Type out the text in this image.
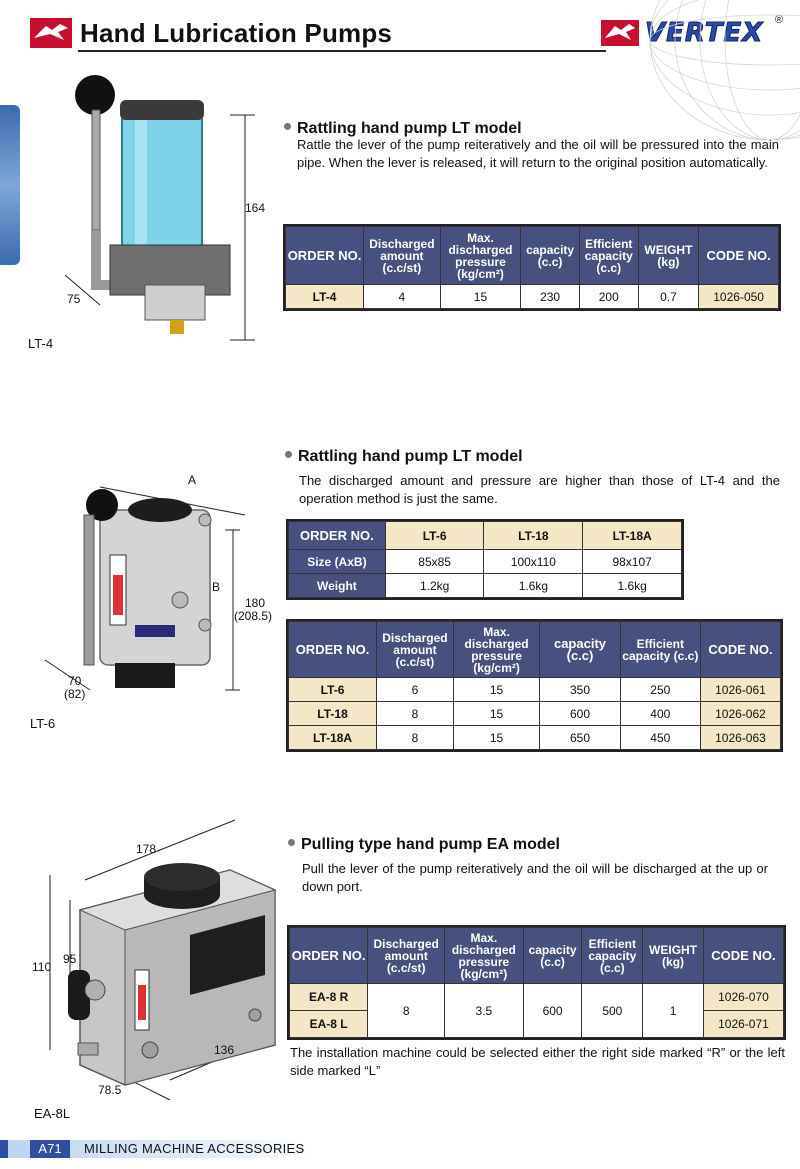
Hand Lubrication Pumps	VERTEX ®
164
75
LT-4
Rattling hand pump LT model
Rattle the lever of the pump reiteratively and the oil will be pressured into the main pipe. When the lever is released, it will return to the original position automatically.
ORDER NO.	Discharged amount (c.c/st)	Max. discharged pressure (kg/cm²)	capacity (c.c)	Efficient capacity (c.c)	WEIGHT (kg)	CODE NO.
LT-4	4	15	230	200	0.7	1026-050
A
B
180
(208.5)
70
(82)
LT-6
Rattling hand pump LT model
The discharged amount and pressure are higher than those of LT-4 and the operation method is just the same.
ORDER NO.	LT-6	LT-18	LT-18A
Size (AxB)	85x85	100x110	98x107
Weight	1.2kg	1.6kg	1.6kg
ORDER NO.	Discharged amount (c.c/st)	Max. discharged pressure (kg/cm²)	capacity (c.c)	Efficient capacity (c.c)	CODE NO.
LT-6	6	15	350	250	1026-061
LT-18	8	15	600	400	1026-062
LT-18A	8	15	650	450	1026-063
178
110
95
136
78.5
EA-8L
Pulling type hand pump EA model
Pull the lever of the pump reiteratively and the oil will be discharged at the up or down port.
ORDER NO.	Discharged amount (c.c/st)	Max. discharged pressure (kg/cm²)	capacity (c.c)	Efficient capacity (c.c)	WEIGHT (kg)	CODE NO.
EA-8 R	8	3.5	600	500	1	1026-070
EA-8 L						1026-071
The installation machine could be selected either the right side marked “R” or the left side marked “L”
A71	MILLING MACHINE ACCESSORIES
